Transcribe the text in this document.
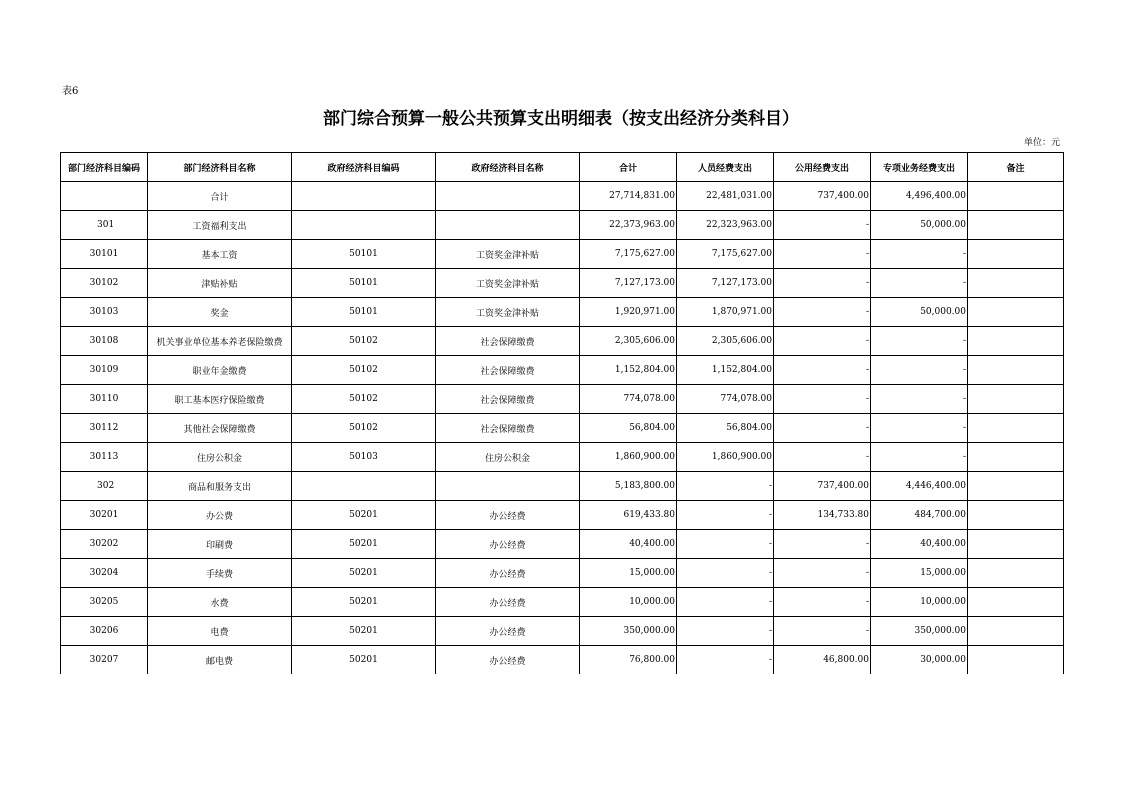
表6
部门综合预算一般公共预算支出明细表（按支出经济分类科目）
单位：元
部门经济科目编码	部门经济科目名称	政府经济科目编码	政府经济科目名称	合计	人员经费支出	公用经费支出	专项业务经费支出	备注
	合计			27,714,831.00	22,481,031.00	737,400.00	4,496,400.00	
301	工资福利支出			22,373,963.00	22,323,963.00	-	50,000.00	
30101	基本工资	50101	工资奖金津补贴	7,175,627.00	7,175,627.00	-	-	
30102	津贴补贴	50101	工资奖金津补贴	7,127,173.00	7,127,173.00	-	-	
30103	奖金	50101	工资奖金津补贴	1,920,971.00	1,870,971.00	-	50,000.00	
30108	机关事业单位基本养老保险缴费	50102	社会保障缴费	2,305,606.00	2,305,606.00	-	-	
30109	职业年金缴费	50102	社会保障缴费	1,152,804.00	1,152,804.00	-	-	
30110	职工基本医疗保险缴费	50102	社会保障缴费	774,078.00	774,078.00	-	-	
30112	其他社会保障缴费	50102	社会保障缴费	56,804.00	56,804.00	-	-	
30113	住房公积金	50103	住房公积金	1,860,900.00	1,860,900.00	-	-	
302	商品和服务支出			5,183,800.00	-	737,400.00	4,446,400.00	
30201	办公费	50201	办公经费	619,433.80	-	134,733.80	484,700.00	
30202	印刷费	50201	办公经费	40,400.00	-	-	40,400.00	
30204	手续费	50201	办公经费	15,000.00	-	-	15,000.00	
30205	水费	50201	办公经费	10,000.00	-	-	10,000.00	
30206	电费	50201	办公经费	350,000.00	-	-	350,000.00	
30207	邮电费	50201	办公经费	76,800.00	-	46,800.00	30,000.00	
